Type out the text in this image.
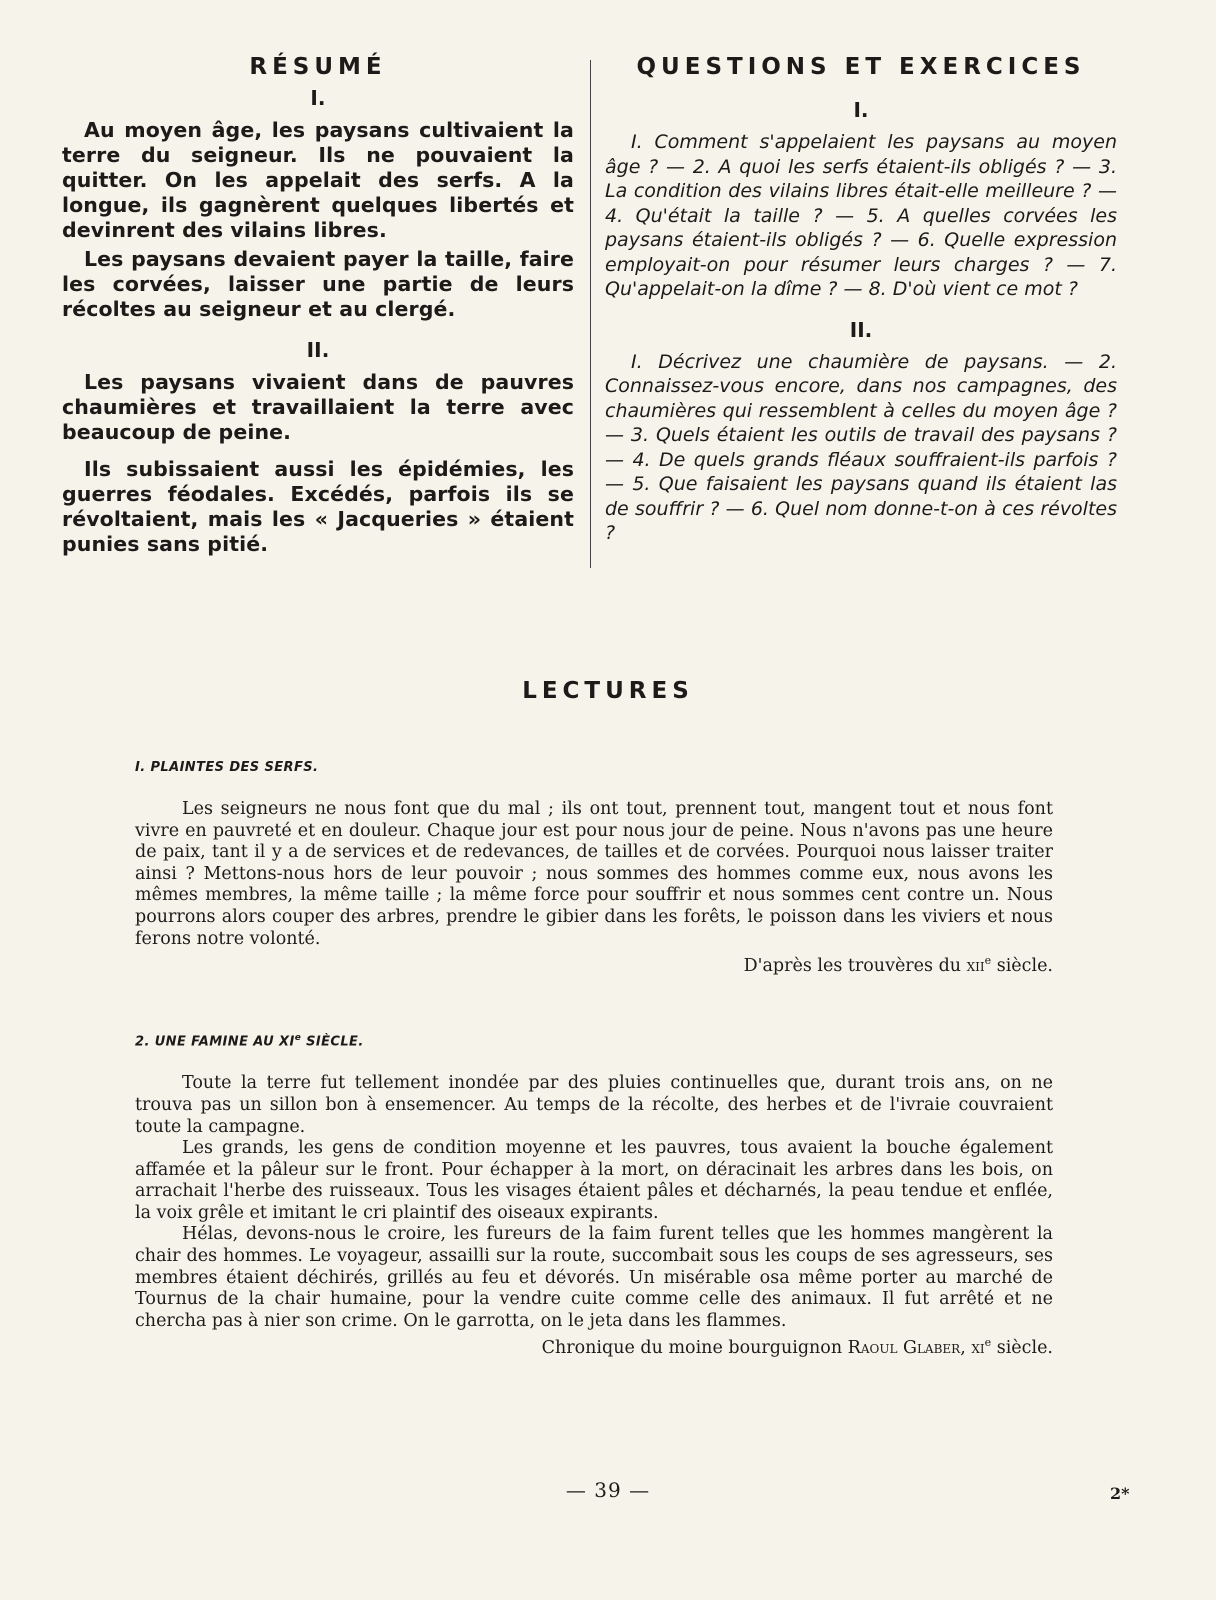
RÉSUMÉ
I.

Au moyen âge, les paysans cultivaient la terre du seigneur. Ils ne pouvaient la quitter. On les appelait des serfs. A la longue, ils gagnèrent quelques libertés et devinrent des vilains libres.

Les paysans devaient payer la taille, faire les corvées, laisser une partie de leurs récoltes au seigneur et au clergé.

II.

Les paysans vivaient dans de pauvres chaumières et travaillaient la terre avec beaucoup de peine.

Ils subissaient aussi les épidémies, les guerres féodales. Excédés, parfois ils se révoltaient, mais les « Jacqueries » étaient punies sans pitié.

QUESTIONS ET EXERCICES
I.

I. Comment s'appelaient les paysans au moyen âge ? — 2. A quoi les serfs étaient-ils obligés ? — 3. La condition des vilains libres était-elle meilleure ? — 4. Qu'était la taille ? — 5. A quelles corvées les paysans étaient-ils obligés ? — 6. Quelle expression employait-on pour résumer leurs charges ? — 7. Qu'appelait-on la dîme ? — 8. D'où vient ce mot ?

II.

I. Décrivez une chaumière de paysans. — 2. Connaissez-vous encore, dans nos campagnes, des chaumières qui ressemblent à celles du moyen âge ? — 3. Quels étaient les outils de travail des paysans ? — 4. De quels grands fléaux souffraient-ils parfois ? — 5. Que faisaient les paysans quand ils étaient las de souffrir ? — 6. Quel nom donne-t-on à ces révoltes ?

LECTURES
I. PLAINTES DES SERFS.

Les seigneurs ne nous font que du mal ; ils ont tout, prennent tout, mangent tout et nous font vivre en pauvreté et en douleur. Chaque jour est pour nous jour de peine. Nous n'avons pas une heure de paix, tant il y a de services et de redevances, de tailles et de corvées. Pourquoi nous laisser traiter ainsi ? Mettons-nous hors de leur pouvoir ; nous sommes des hommes comme eux, nous avons les mêmes membres, la même taille ; la même force pour souffrir et nous sommes cent contre un. Nous pourrons alors couper des arbres, prendre le gibier dans les forêts, le poisson dans les viviers et nous ferons notre volonté.

D'après les trouvères du xii$^e$ siècle.
2. UNE FAMINE AU XIe SIÈCLE.

Toute la terre fut tellement inondée par des pluies continuelles que, durant trois ans, on ne trouva pas un sillon bon à ensemencer. Au temps de la récolte, des herbes et de l'ivraie couvraient toute la campagne.

Les grands, les gens de condition moyenne et les pauvres, tous avaient la bouche également affamée et la pâleur sur le front. Pour échapper à la mort, on déracinait les arbres dans les bois, on arrachait l'herbe des ruisseaux. Tous les visages étaient pâles et décharnés, la peau tendue et enflée, la voix grêle et imitant le cri plaintif des oiseaux expirants.

Hélas, devons-nous le croire, les fureurs de la faim furent telles que les hommes mangèrent la chair des hommes. Le voyageur, assailli sur la route, succombait sous les coups de ses agresseurs, ses membres étaient déchirés, grillés au feu et dévorés. Un misérable osa même porter au marché de Tournus de la chair humaine, pour la vendre cuite comme celle des animaux. Il fut arrêté et ne chercha pas à nier son crime. On le garrotta, on le jeta dans les flammes.

Chronique du moine bourguignon Raoul Glaber, $xi^e$ siècle.
— 39 —	2*
